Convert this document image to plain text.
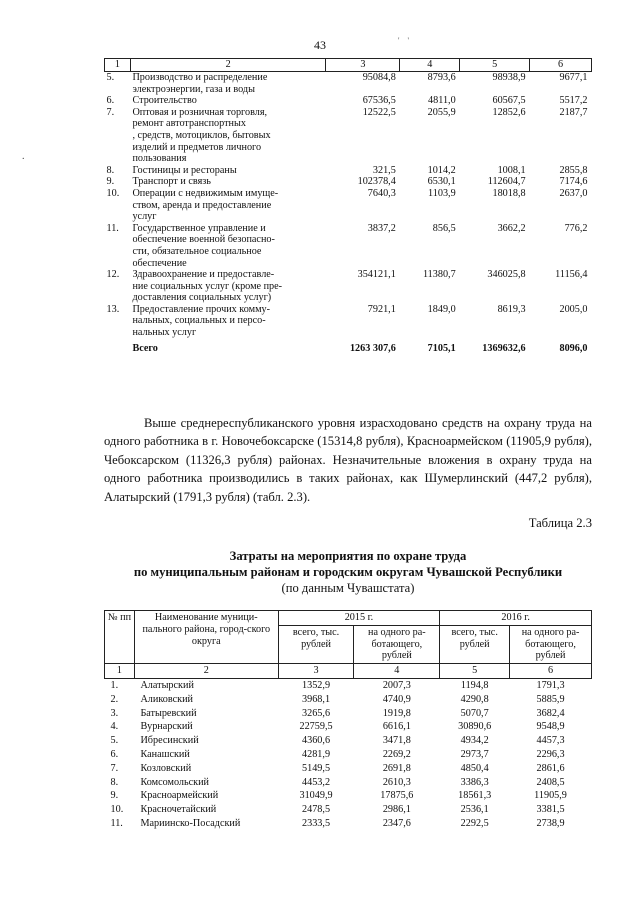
43	' '
.
1	2	3	4	5	6
5.	Производство и распределение	95084,8	8793,6	98938,9	9677,1
	электроэнергии, газа и воды				
6.	Строительство	67536,5	4811,0	60567,5	5517,2
7.	Оптовая и розничная торговля,	12522,5	2055,9	12852,6	2187,7
	ремонт автотранспортных				
	, средств, мотоциклов, бытовых				
	изделий и предметов личного				
	пользования				
8.	Гостиницы и рестораны	321,5	1014,2	1008,1	2855,8
9.	Транспорт и связь	102378,4	6530,1	112604,7	7174,6
10.	Операции с недвижимым имуще-	7640,3	1103,9	18018,8	2637,0
	ством, аренда и предоставление				
	услуг				
11.	Государственное управление и	3837,2	856,5	3662,2	776,2
	обеспечение военной безопасно-				
	сти, обязательное социальное				
	обеспечение				
12.	Здравоохранение и предоставле-	354121,1	11380,7	346025,8	11156,4
	ние социальных услуг (кроме пре-				
	доставления социальных услуг)				
13.	Предоставление прочих комму-	7921,1	1849,0	8619,3	2005,0
	нальных, социальных и персо-				
	нальных услуг				
	Всего	1263 307,6	7105,1	1369632,6	8096,0

Выше среднереспубликанского уровня израсходовано средств на охрану труда на одного работника в г. Новочебоксарске (15314,8 рубля), Красноармейском (11905,9 рубля), Чебоксарском (11326,3 рубля) районах. Незначительные вложения в охрану труда на одного работника производились в таких районах, как Шумерлинский (447,2 рубля), Алатырский (1791,3 рубля) (табл. 2.3).

Таблица 2.3
Затраты на мероприятия по охране труда
по муниципальным районам и городским округам Чувашской Республики
(по данным Чувашстата)
№ пп	Наименование муници-пального района, город-ского округа	2015 г.		2016 г.	
		всего, тыс. рублей	на одного ра-ботающего, рублей	всего, тыс. рублей	на одного ра-ботающего, рублей
1	2	3	4	5	6
1.	Алатырский	1352,9	2007,3	1194,8	1791,3
2.	Аликовский	3968,1	4740,9	4290,8	5885,9
3.	Батыревский	3265,6	1919,8	5070,7	3682,4
4.	Вурнарский	22759,5	6616,1	30890,6	9548,9
5.	Ибресинский	4360,6	3471,8	4934,2	4457,3
6.	Канашский	4281,9	2269,2	2973,7	2296,3
7.	Козловский	5149,5	2691,8	4850,4	2861,6
8.	Комсомольский	4453,2	2610,3	3386,3	2408,5
9.	Красноармейский	31049,9	17875,6	18561,3	11905,9
10.	Красночетайский	2478,5	2986,1	2536,1	3381,5
11.	Мариинско-Посадский	2333,5	2347,6	2292,5	2738,9
